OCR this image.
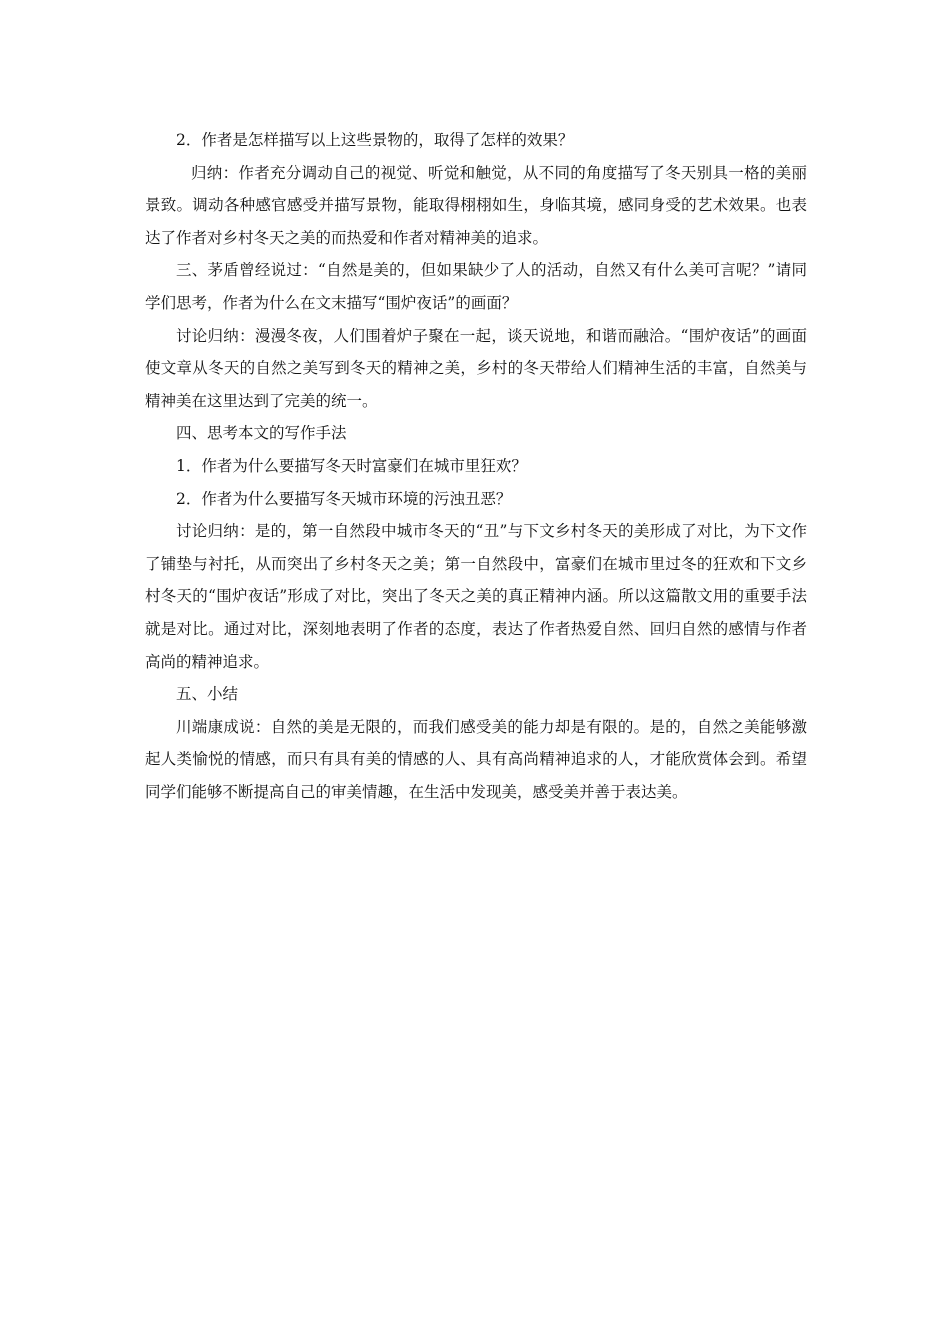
2．作者是怎样描写以上这些景物的，取得了怎样的效果？

归纳：作者充分调动自己的视觉、听觉和触觉，从不同的角度描写了冬天别具一格的美丽景致。调动各种感官感受并描写景物，能取得栩栩如生，身临其境，感同身受的艺术效果。也表达了作者对乡村冬天之美的而热爱和作者对精神美的追求。

三、茅盾曾经说过：“自然是美的，但如果缺少了人的活动，自然又有什么美可言呢？”请同学们思考，作者为什么在文末描写“围炉夜话”的画面？

讨论归纳：漫漫冬夜，人们围着炉子聚在一起，谈天说地，和谐而融洽。“围炉夜话”的画面使文章从冬天的自然之美写到冬天的精神之美，乡村的冬天带给人们精神生活的丰富，自然美与精神美在这里达到了完美的统一。

四、思考本文的写作手法

1．作者为什么要描写冬天时富豪们在城市里狂欢？

2．作者为什么要描写冬天城市环境的污浊丑恶？

讨论归纳：是的，第一自然段中城市冬天的“丑”与下文乡村冬天的美形成了对比，为下文作了铺垫与衬托，从而突出了乡村冬天之美；第一自然段中，富豪们在城市里过冬的狂欢和下文乡村冬天的“围炉夜话”形成了对比，突出了冬天之美的真正精神内涵。所以这篇散文用的重要手法就是对比。通过对比，深刻地表明了作者的态度，表达了作者热爱自然、回归自然的感情与作者高尚的精神追求。

五、小结

川端康成说：自然的美是无限的，而我们感受美的能力却是有限的。是的，自然之美能够激起人类愉悦的情感，而只有具有美的情感的人、具有高尚精神追求的人，才能欣赏体会到。希望同学们能够不断提高自己的审美情趣，在生活中发现美，感受美并善于表达美。
